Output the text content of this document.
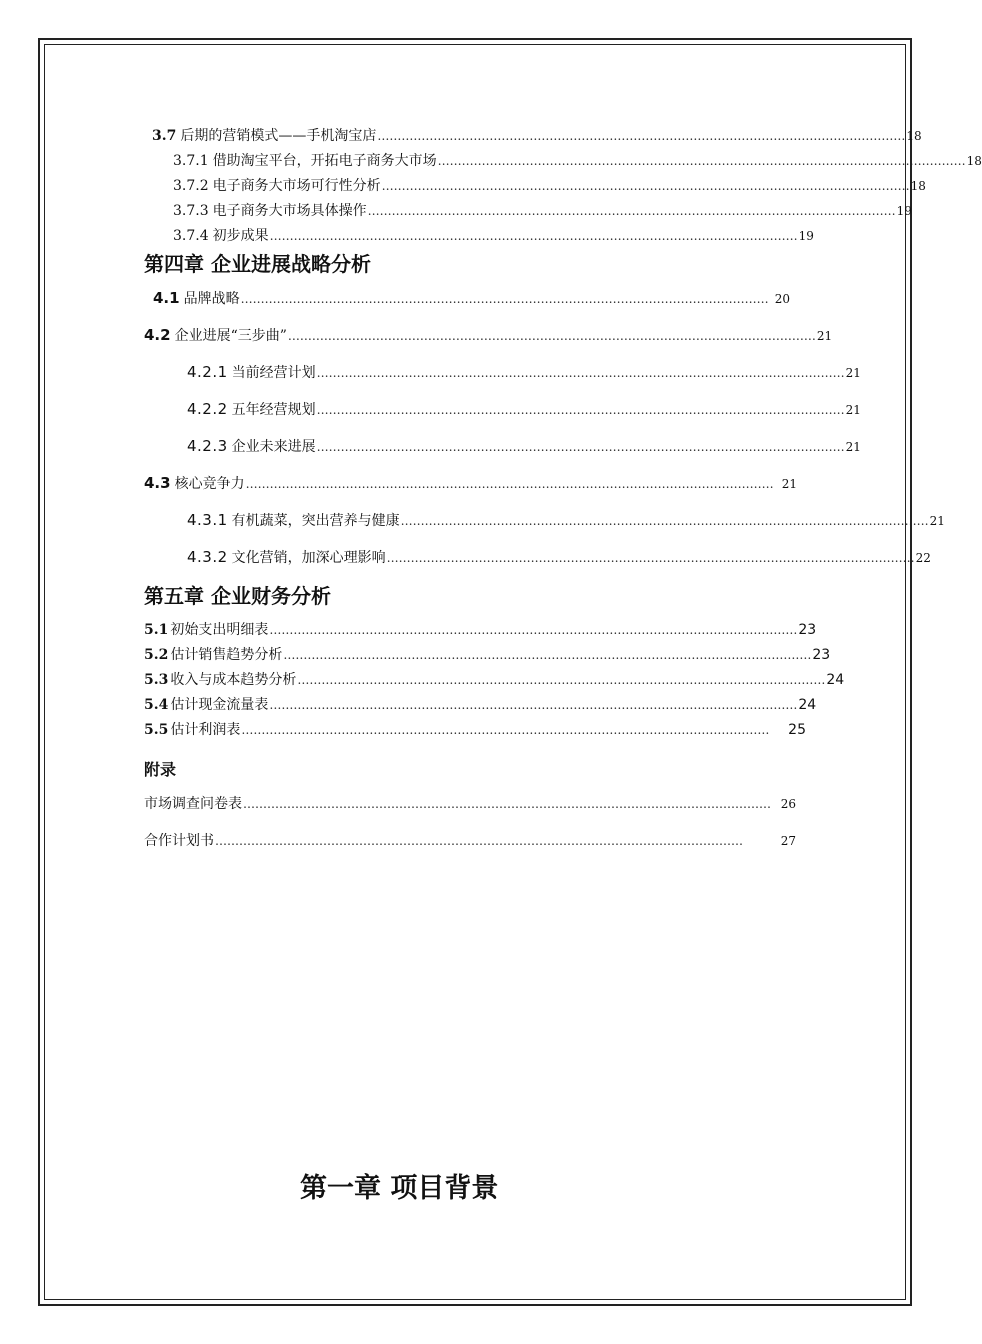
3.7 后期的营销模式——手机淘宝店 …………………………………………………………………………………………………………………… 18
3.7.1 借助淘宝平台，开拓电子商务大市场 …………………………………………………………………………………………………………………… 18
3.7.2 电子商务大市场可行性分析 …………………………………………………………………………………………………………………… 18
3.7.3 电子商务大市场具体操作 …………………………………………………………………………………………………………………… 19
3.7.4 初步成果 …………………………………………………………………………………………………………………… 19
第四章 企业进展战略分析
4.1 品牌战略 …………………………………………………………………………………………………………………… 20
4.2 企业进展“三步曲” …………………………………………………………………………………………………………………… 21
4.2.1 当前经营计划 …………………………………………………………………………………………………………………… 21
4.2.2 五年经营规划 …………………………………………………………………………………………………………………… 21
4.2.3 企业未来进展 …………………………………………………………………………………………………………………… 21
4.3 核心竞争力 …………………………………………………………………………………………………………………… 21
4.3.1 有机蔬菜，突出营养与健康 …………………………………………………………………………………………………………………… 21
4.3.2 文化营销，加深心理影响 …………………………………………………………………………………………………………………… 22
第五章 企业财务分析
5.1 初始支出明细表 …………………………………………………………………………………………………………………… 23
5.2 估计销售趋势分析 …………………………………………………………………………………………………………………… 23
5.3 收入与成本趋势分析 …………………………………………………………………………………………………………………… 24
5.4 估计现金流量表 …………………………………………………………………………………………………………………… 24
5.5 估计利润表 ……………………………………………………………………………………………………………………	25
附录
市场调查问卷表 …………………………………………………………………………………………………………………… 26
合作计划书 ……………………………………………………………………………………………………………………	27
第一章 项目背景
